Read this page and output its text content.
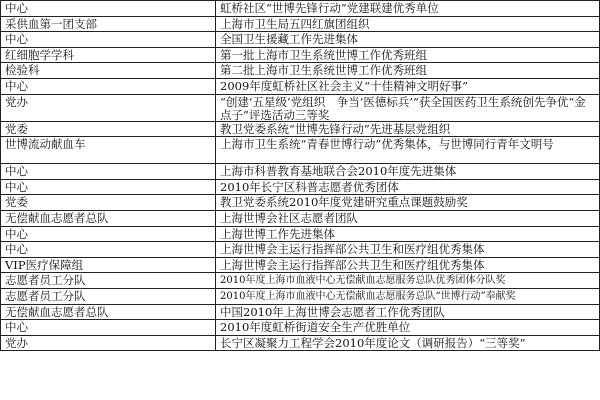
中心	虹桥社区“世博先锋行动”党建联建优秀单位
采供血第一团支部	上海市卫生局五四红旗团组织
中心	全国卫生援藏工作先进集体
红细胞学学科	第一批上海市卫生系统世博工作优秀班组
检验科	第二批上海市卫生系统世博工作优秀班组
中心	2009年度虹桥社区社会主义“十佳精神文明好事”
党办	“创建‘五星级’党组织　争当‘医德标兵’”获全国医药卫生系统创先争优“金点子”评选活动三等奖
党委	教卫党委系统“世博先锋行动”先进基层党组织
世博流动献血车	上海市卫生系统“青春世博行动”优秀集体，与世博同行青年文明号
中心	上海市科普教育基地联合会2010年度先进集体
中心	2010年长宁区科普志愿者优秀团体
党委	教卫党委系统2010年度党建研究重点课题鼓励奖
无偿献血志愿者总队	上海世博会社区志愿者团队
中心	上海世博工作先进集体
中心	上海世博会主运行指挥部公共卫生和医疗组优秀集体
VIP医疗保障组	上海世博会主运行指挥部公共卫生和医疗组优秀集体
志愿者员工分队	2010年度上海市血液中心无偿献血志愿服务总队优秀团体分队奖
志愿者员工分队	2010年度上海市血液中心无偿献血志愿服务总队“世博行动”奉献奖
无偿献血志愿者总队	中国2010年上海世博会志愿者工作优秀团队
中心	2010年度虹桥街道安全生产优胜单位
党办	长宁区凝聚力工程学会2010年度论文（调研报告）“三等奖”
